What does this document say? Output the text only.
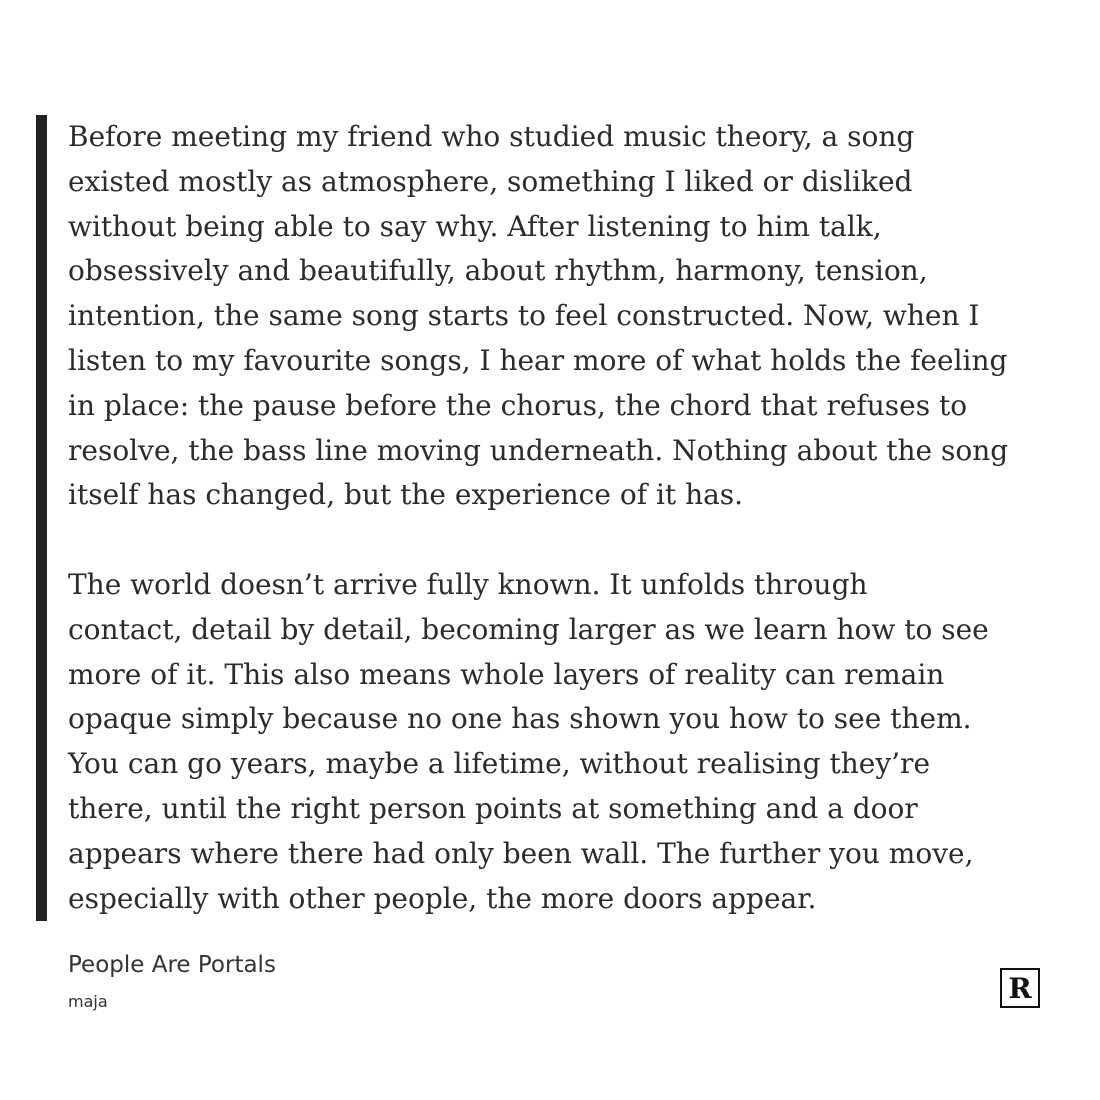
Before meeting my friend who studied music theory, a song
existed mostly as atmosphere, something I liked or disliked
without being able to say why. After listening to him talk,
obsessively and beautifully, about rhythm, harmony, tension,
intention, the same song starts to feel constructed. Now, when I
listen to my favourite songs, I hear more of what holds the feeling
in place: the pause before the chorus, the chord that refuses to
resolve, the bass line moving underneath. Nothing about the song
itself has changed, but the experience of it has.

The world doesn’t arrive fully known. It unfolds through
contact, detail by detail, becoming larger as we learn how to see
more of it. This also means whole layers of reality can remain
opaque simply because no one has shown you how to see them.
You can go years, maybe a lifetime, without realising they’re
there, until the right person points at something and a door
appears where there had only been wall. The further you move,
especially with other people, the more doors appear.

People Are Portals
maja	R
